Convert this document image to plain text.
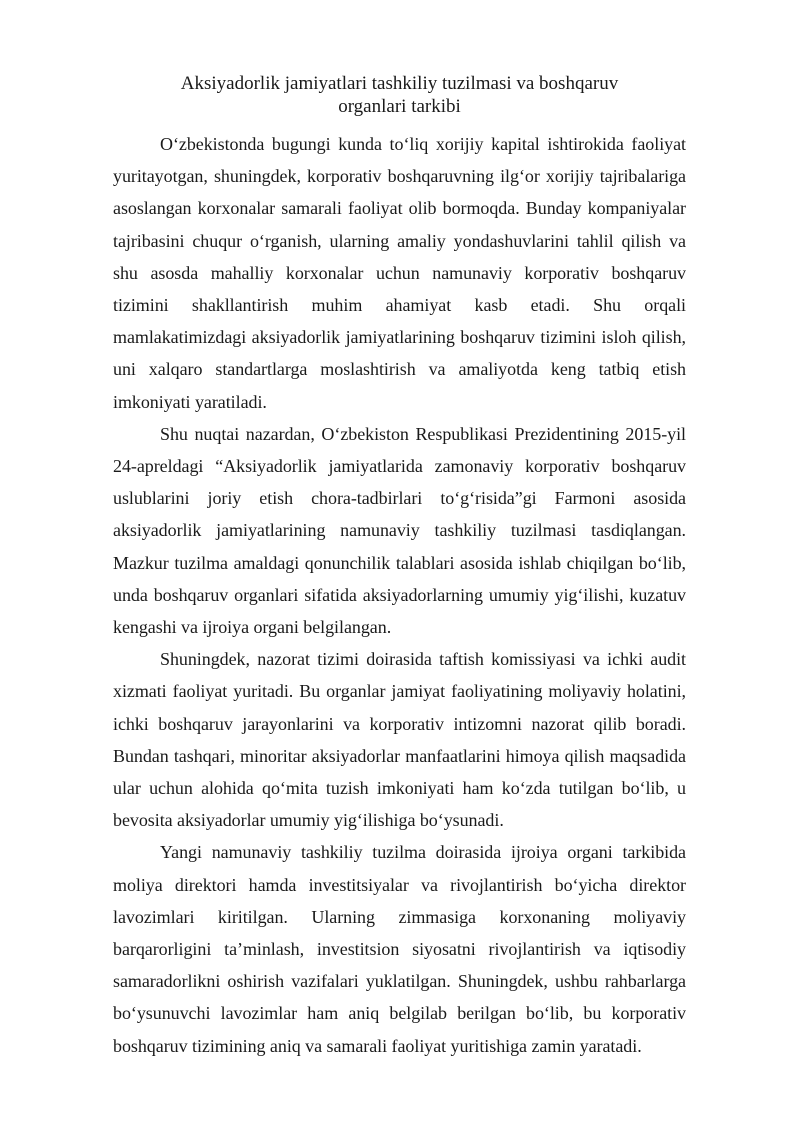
Aksiyadorlik jamiyatlari tashkiliy tuzilmasi va boshqaruv
organlari tarkibi

O‘zbekistonda bugungi kunda to‘liq xorijiy kapital ishtirokida faoliyat yuritayotgan, shuningdek, korporativ boshqaruvning ilg‘or xorijiy tajribalariga asoslangan korxonalar samarali faoliyat olib bormoqda. Bunday kompaniyalar tajribasini chuqur o‘rganish, ularning amaliy yondashuvlarini tahlil qilish va shu asosda mahalliy korxonalar uchun namunaviy korporativ boshqaruv tizimini shakllantirish muhim ahamiyat kasb etadi. Shu orqali mamlakatimizdagi aksiyadorlik jamiyatlarining boshqaruv tizimini isloh qilish, uni xalqaro standartlarga moslashtirish va amaliyotda keng tatbiq etish imkoniyati yaratiladi.

Shu nuqtai nazardan, O‘zbekiston Respublikasi Prezidentining 2015-yil 24-apreldagi “Aksiyadorlik jamiyatlarida zamonaviy korporativ boshqaruv uslublarini joriy etish chora-tadbirlari to‘g‘risida”gi Farmoni asosida aksiyadorlik jamiyatlarining namunaviy tashkiliy tuzilmasi tasdiqlangan. Mazkur tuzilma amaldagi qonunchilik talablari asosida ishlab chiqilgan bo‘lib, unda boshqaruv organlari sifatida aksiyadorlarning umumiy yig‘ilishi, kuzatuv kengashi va ijroiya organi belgilangan.

Shuningdek, nazorat tizimi doirasida taftish komissiyasi va ichki audit xizmati faoliyat yuritadi. Bu organlar jamiyat faoliyatining moliyaviy holatini, ichki boshqaruv jarayonlarini va korporativ intizomni nazorat qilib boradi. Bundan tashqari, minoritar aksiyadorlar manfaatlarini himoya qilish maqsadida ular uchun alohida qo‘mita tuzish imkoniyati ham ko‘zda tutilgan bo‘lib, u bevosita aksiyadorlar umumiy yig‘ilishiga bo‘ysunadi.

Yangi namunaviy tashkiliy tuzilma doirasida ijroiya organi tarkibida moliya direktori hamda investitsiyalar va rivojlantirish bo‘yicha direktor lavozimlari kiritilgan. Ularning zimmasiga korxonaning moliyaviy barqarorligini ta’minlash, investitsion siyosatni rivojlantirish va iqtisodiy samaradorlikni oshirish vazifalari yuklatilgan. Shuningdek, ushbu rahbarlarga bo‘ysunuvchi lavozimlar ham aniq belgilab berilgan bo‘lib, bu korporativ boshqaruv tizimining aniq va samarali faoliyat yuritishiga zamin yaratadi.
